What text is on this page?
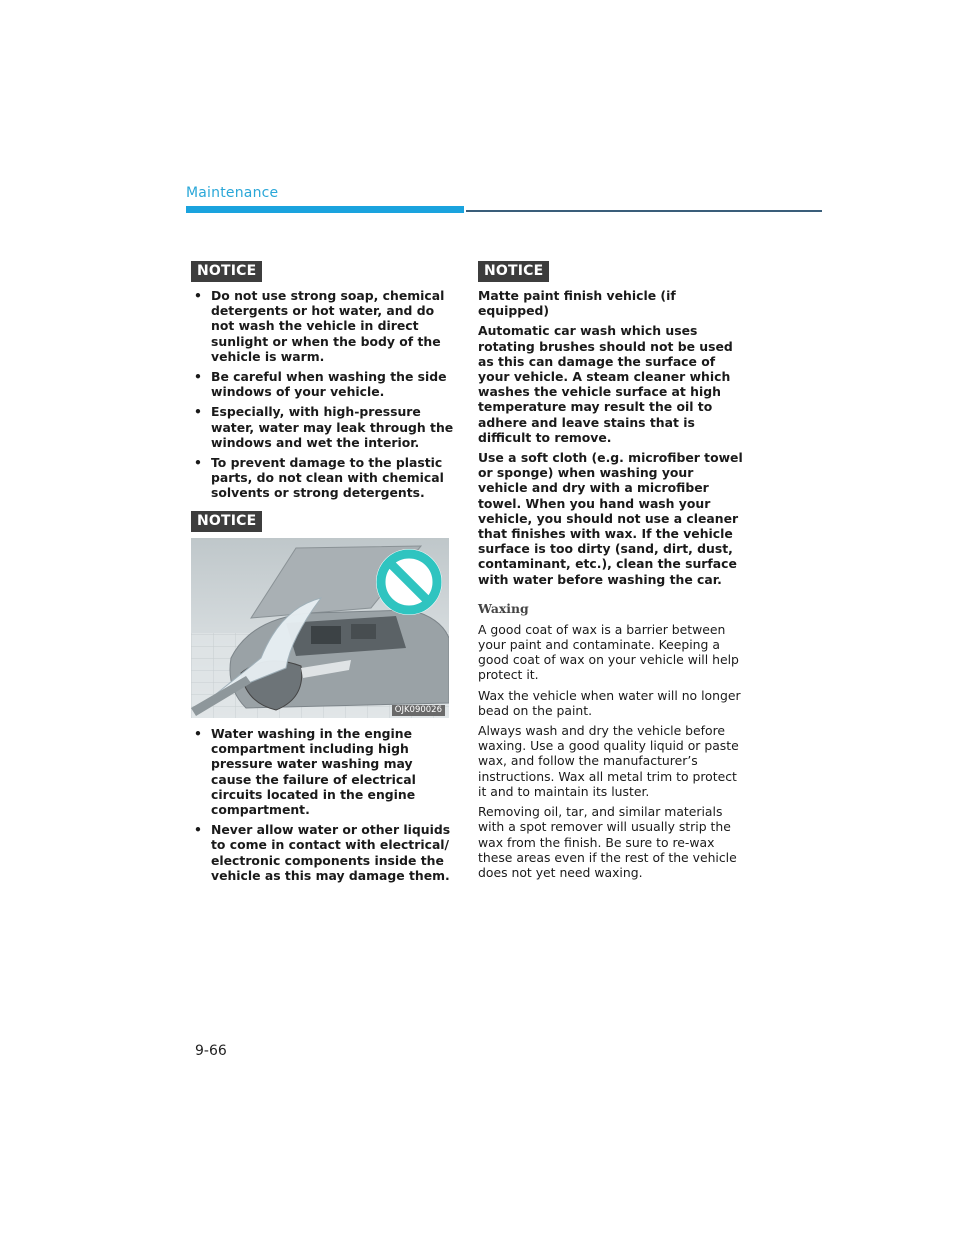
Maintenance
NOTICE
• Do not use strong soap, chemical detergents or hot water, and do not wash the vehicle in direct sunlight or when the body of the vehicle is warm.
• Be careful when washing the side windows of your vehicle.
• Especially, with high-pressure water, water may leak through the windows and wet the interior.
• To prevent damage to the plastic parts, do not clean with chemical solvents or strong detergents.
NOTICE
OJK090026
• Water washing in the engine compartment including high pressure water washing may cause the failure of electrical circuits located in the engine compartment.
• Never allow water or other liquids to come in contact with electrical/ electronic components inside the vehicle as this may damage them.
NOTICE

Matte paint finish vehicle (if equipped)

Automatic car wash which uses rotating brushes should not be used as this can damage the surface of your vehicle. A steam cleaner which washes the vehicle surface at high temperature may result the oil to adhere and leave stains that is difficult to remove.

Use a soft cloth (e.g. microfiber towel or sponge) when washing your vehicle and dry with a microfiber towel. When you hand wash your vehicle, you should not use a cleaner that finishes with wax. If the vehicle surface is too dirty (sand, dirt, dust, contaminant, etc.), clean the surface with water before washing the car.

Waxing

A good coat of wax is a barrier between your paint and contaminate. Keeping a good coat of wax on your vehicle will help protect it.

Wax the vehicle when water will no longer bead on the paint.

Always wash and dry the vehicle before waxing. Use a good quality liquid or paste wax, and follow the manufacturer’s instructions. Wax all metal trim to protect it and to maintain its luster.

Removing oil, tar, and similar materials with a spot remover will usually strip the wax from the finish. Be sure to re-wax these areas even if the rest of the vehicle does not yet need waxing.

9-66
